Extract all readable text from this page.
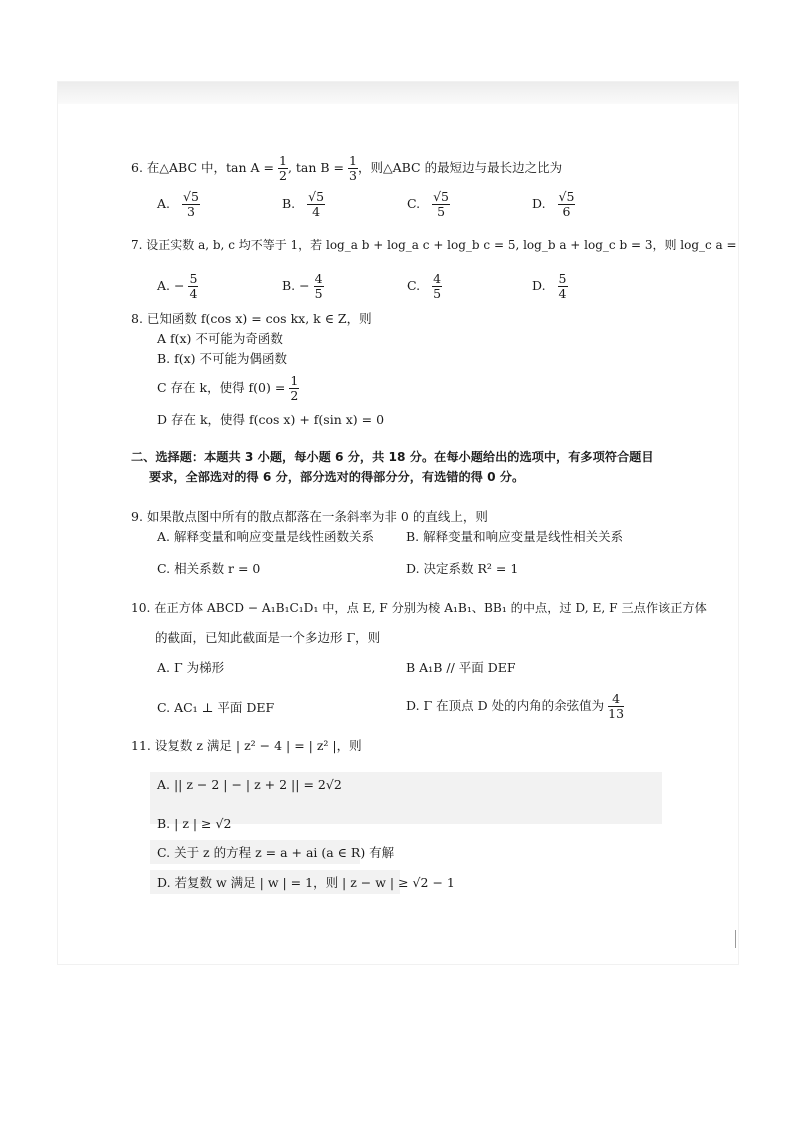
6. 在△ABC 中，$\tan A = \frac{1}{2}$ , $\tan B = \frac{1}{3}$ ，则△ABC 的最短边与最长边之比为
A. $\frac{√5}{3}$	B. $\frac{√5}{4}$	C. $\frac{√5}{5}$	D. $\frac{√5}{6}$
7. 设正实数 a, b, c 均不等于 1，若 log_a b + log_a c + log_b c = 5, log_b a + log_c b = 3，则 log_c a =
A. − $\frac{5}{4}$	B. − $\frac{4}{5}$	C. $\frac{4}{5}$	D. $\frac{5}{4}$
8. 已知函数 f(cos x) = cos kx, k ∈ Z，则
A f(x) 不可能为奇函数
B. f(x) 不可能为偶函数
C 存在 k，使得 $f(0) = \frac{1}{2}$
D 存在 k，使得 f(cos x) + f(sin x) = 0
二、选择题：本题共 3 小题，每小题 6 分，共 18 分。在每小题给出的选项中，有多项符合题目
要求，全部选对的得 6 分，部分选对的得部分分，有选错的得 0 分。
9. 如果散点图中所有的散点都落在一条斜率为非 0 的直线上，则
A. 解释变量和响应变量是线性函数关系	B. 解释变量和响应变量是线性相关关系
C. 相关系数 r = 0	D. 决定系数 R² = 1
10. 在正方体 ABCD − A₁B₁C₁D₁ 中，点 E, F 分别为棱 A₁B₁、BB₁ 的中点，过 D, E, F 三点作该正方体
的截面，已知此截面是一个多边形 Γ，则
A. Γ 为梯形	B A₁B // 平面 DEF
C. AC₁ ⊥ 平面 DEF	D. Γ 在顶点 D 处的内角的余弦值为 $\frac{4}{13}$
11. 设复数 z 满足 | z² − 4 | = | z² |，则
A. || z − 2 | − | z + 2 || = 2√2
B. | z | ≥ √2
C. 关于 z 的方程 z = a + ai (a ∈ R) 有解
D. 若复数 w 满足 | w | = 1，则 | z − w | ≥ √2 − 1
